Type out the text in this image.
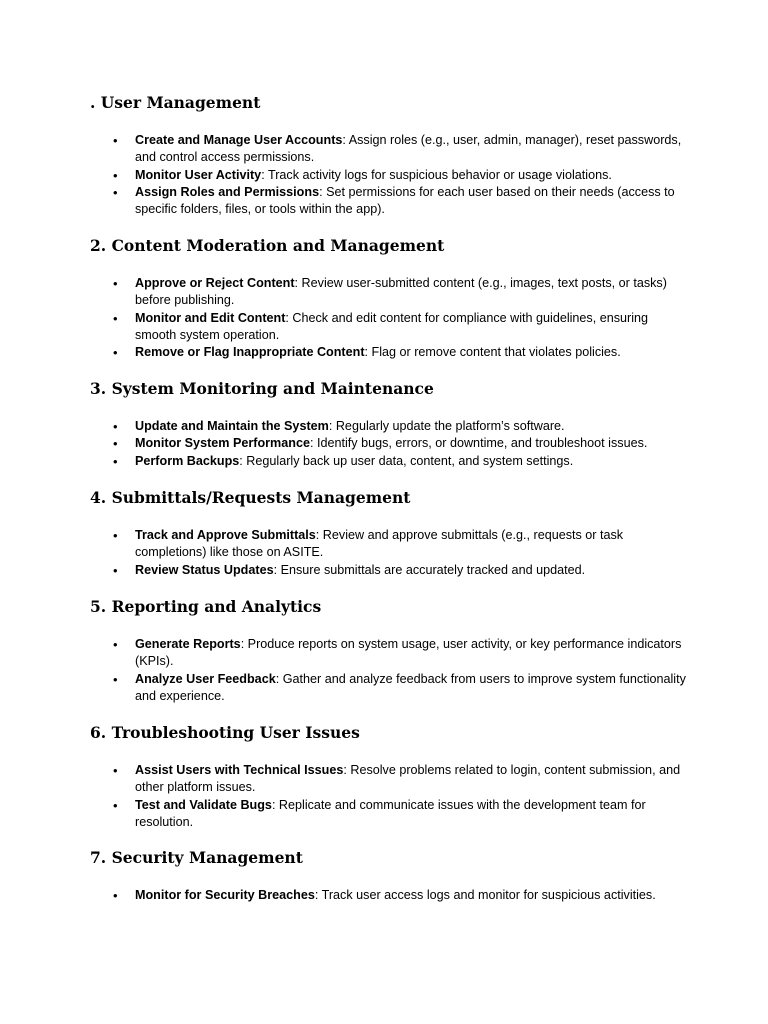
. User Management
• Create and Manage User Accounts: Assign roles (e.g., user, admin, manager), reset passwords, and control access permissions.
• Monitor User Activity: Track activity logs for suspicious behavior or usage violations.
• Assign Roles and Permissions: Set permissions for each user based on their needs (access to specific folders, files, or tools within the app).
2. Content Moderation and Management
• Approve or Reject Content: Review user-submitted content (e.g., images, text posts, or tasks) before publishing.
• Monitor and Edit Content: Check and edit content for compliance with guidelines, ensuring smooth system operation.
• Remove or Flag Inappropriate Content: Flag or remove content that violates policies.
3. System Monitoring and Maintenance
• Update and Maintain the System: Regularly update the platform’s software.
• Monitor System Performance: Identify bugs, errors, or downtime, and troubleshoot issues.
• Perform Backups: Regularly back up user data, content, and system settings.
4. Submittals/Requests Management
• Track and Approve Submittals: Review and approve submittals (e.g., requests or task completions) like those on ASITE.
• Review Status Updates: Ensure submittals are accurately tracked and updated.
5. Reporting and Analytics
• Generate Reports: Produce reports on system usage, user activity, or key performance indicators (KPIs).
• Analyze User Feedback: Gather and analyze feedback from users to improve system functionality and experience.
6. Troubleshooting User Issues
• Assist Users with Technical Issues: Resolve problems related to login, content submission, and other platform issues.
• Test and Validate Bugs: Replicate and communicate issues with the development team for resolution.
7. Security Management
• Monitor for Security Breaches: Track user access logs and monitor for suspicious activities.
